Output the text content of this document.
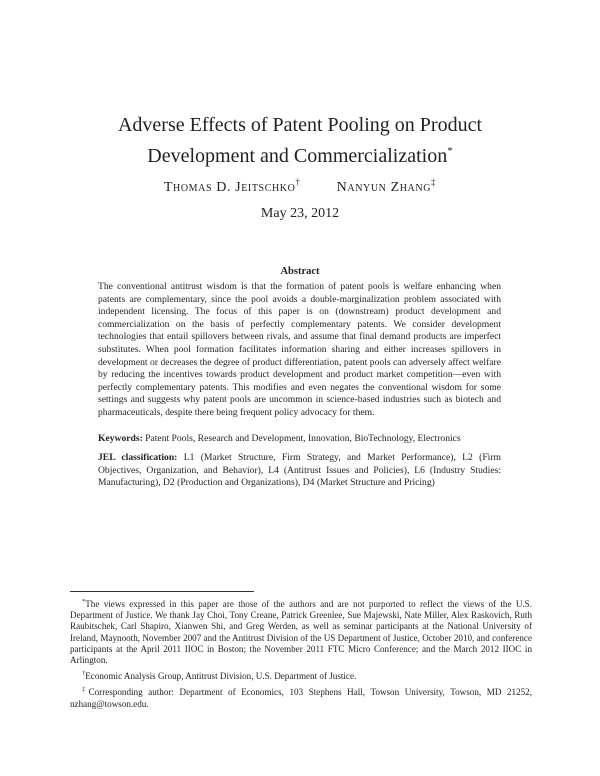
Adverse Effects of Patent Pooling on Product
Development and Commercialization*
Thomas D. Jeitschko†	Nanyun Zhang‡
May 23, 2012
Abstract
The conventional antitrust wisdom is that the formation of patent pools is welfare enhancing when patents are complementary, since the pool avoids a double-marginalization problem associated with independent licensing. The focus of this paper is on (downstream) product development and commercialization on the basis of perfectly complementary patents. We consider development technologies that entail spillovers between rivals, and assume that final demand products are imperfect substitutes. When pool formation facilitates information sharing and either increases spillovers in development or decreases the degree of product differentiation, patent pools can adversely affect welfare by reducing the incentives towards product development and product market competition—even with perfectly complementary patents. This modifies and even negates the conventional wisdom for some settings and suggests why patent pools are uncommon in science-based industries such as biotech and pharmaceuticals, despite there being frequent policy advocacy for them.
Keywords: Patent Pools, Research and Development, Innovation, BioTechnology, Electronics
JEL classification: L1 (Market Structure, Firm Strategy, and Market Performance), L2 (Firm Objectives, Organization, and Behavior), L4 (Antitrust Issues and Policies), L6 (Industry Studies: Manufacturing), D2 (Production and Organizations), D4 (Market Structure and Pricing)

*The views expressed in this paper are those of the authors and are not purported to reflect the views of the U.S. Department of Justice. We thank Jay Choi, Tony Creane, Patrick Greenlee, Sue Majewski, Nate Miller, Alex Raskovich, Ruth Raubitschek, Carl Shapiro, Xianwen Shi, and Greg Werden, as well as seminar participants at the National University of Ireland, Maynooth, November 2007 and the Antitrust Division of the US Department of Justice, October 2010, and conference participants at the April 2011 IIOC in Boston; the November 2011 FTC Micro Conference; and the March 2012 IIOC in Arlington.

†Economic Analysis Group, Antitrust Division, U.S. Department of Justice.

‡Corresponding author: Department of Economics, 103 Stephens Hall, Towson University, Towson, MD 21252, nzhang@towson.edu.
